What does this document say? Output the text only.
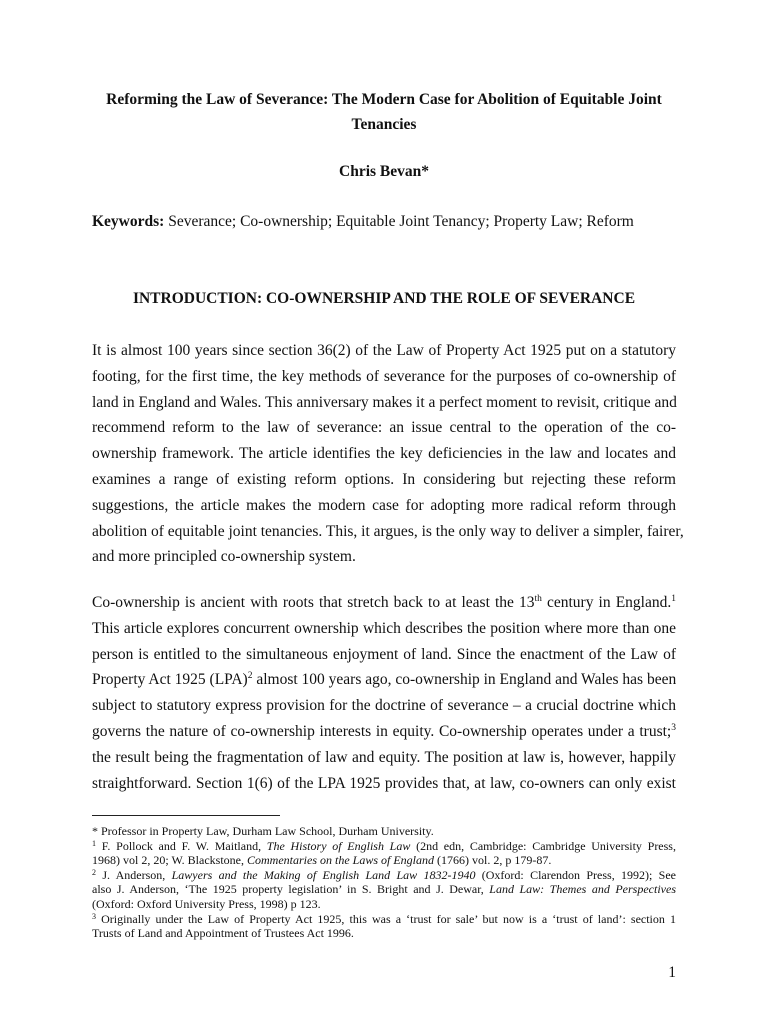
Reforming the Law of Severance: The Modern Case for Abolition of Equitable Joint
Tenancies
Chris Bevan*
Keywords: Severance; Co-ownership; Equitable Joint Tenancy; Property Law; Reform
INTRODUCTION: CO-OWNERSHIP AND THE ROLE OF SEVERANCE
It is almost 100 years since section 36(2) of the Law of Property Act 1925 put on a statutory
footing, for the first time, the key methods of severance for the purposes of co-ownership of
land in England and Wales. This anniversary makes it a perfect moment to revisit, critique and
recommend reform to the law of severance: an issue central to the operation of the co-
ownership framework. The article identifies the key deficiencies in the law and locates and
examines a range of existing reform options. In considering but rejecting these reform
suggestions, the article makes the modern case for adopting more radical reform through
abolition of equitable joint tenancies. This, it argues, is the only way to deliver a simpler, fairer,
and more principled co-ownership system.
Co-ownership is ancient with roots that stretch back to at least the 13th century in England.$^1$
This article explores concurrent ownership which describes the position where more than one
person is entitled to the simultaneous enjoyment of land. Since the enactment of the Law of
Property Act 1925 (LPA)$^2$ almost 100 years ago, co-ownership in England and Wales has been
subject to statutory express provision for the doctrine of severance – a crucial doctrine which
governs the nature of co-ownership interests in equity. Co-ownership operates under a trust;$^3$
the result being the fragmentation of law and equity. The position at law is, however, happily
straightforward. Section 1(6) of the LPA 1925 provides that, at law, co-owners can only exist
* Professor in Property Law, Durham Law School, Durham University.
$^1$ F. Pollock and F. W. Maitland, The History of English Law (2nd edn, Cambridge: Cambridge University Press,
1968) vol 2, 20; W. Blackstone, Commentaries on the Laws of England (1766) vol. 2, p 179-87.
$^2$ J. Anderson, Lawyers and the Making of English Land Law 1832-1940 (Oxford: Clarendon Press, 1992); See
also J. Anderson, ‘The 1925 property legislation’ in S. Bright and J. Dewar, Land Law: Themes and Perspectives
(Oxford: Oxford University Press, 1998) p 123.
$^3$ Originally under the Law of Property Act 1925, this was a ‘trust for sale’ but now is a ‘trust of land’: section 1
Trusts of Land and Appointment of Trustees Act 1996.
1
